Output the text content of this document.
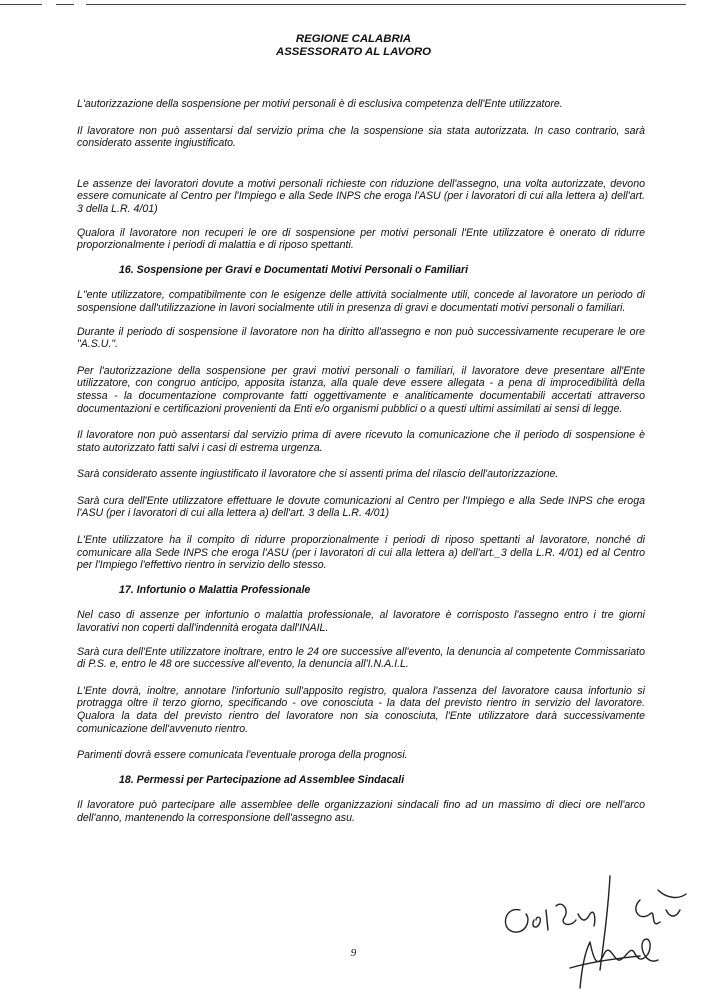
REGIONE CALABRIA
ASSESSORATO AL LAVORO

L'autorizzazione della sospensione per motivi personali è di esclusiva competenza dell'Ente utilizzatore.

Il lavoratore non può assentarsi dal servizio prima che la sospensione sia stata autorizzata. In caso contrario, sarà considerato assente ingiustificato.

Le assenze dei lavoratori dovute a motivi personali richieste con riduzione dell'assegno, una volta autorizzate, devono essere comunicate al Centro per l'Impiego e alla Sede INPS che eroga l'ASU (per i lavoratori di cui alla lettera a) dell'art. 3 della L.R. 4/01)

Qualora il lavoratore non recuperi le ore di sospensione per motivi personali l'Ente utilizzatore è onerato di ridurre proporzionalmente i periodi di malattia e di riposo spettanti.

16. Sospensione per Gravi e Documentati Motivi Personali o Familiari

L"ente utilizzatore, compatibilmente con le esigenze delle attività socialmente utili, concede al lavoratore un periodo di sospensione dall'utilizzazione in lavori socialmente utili in presenza di gravi e documentati motivi personali o familiari.

Durante il periodo di sospensione il lavoratore non ha diritto all'assegno e non può successivamente recuperare le ore "A.S.U.".

Per l'autorizzazione della sospensione per gravi motivi personali o familiari, il lavoratore deve presentare all'Ente utilizzatore, con congruo anticipo, apposita istanza, alla quale deve essere allegata - a pena di improcedibilità della stessa - la documentazione comprovante fatti oggettivamente e analiticamente documentabili accertati attraverso documentazioni e certificazioni provenienti da Enti e/o organismi pubblici o a questi ultimi assimilati ai sensi di legge.

Il lavoratore non può assentarsi dal servizio prima di avere ricevuto la comunicazione che il periodo di sospensione è stato autorizzato fatti salvi i casi di estrema urgenza.

Sarà considerato assente ingiustificato il lavoratore che si assenti prima del rilascio dell'autorizzazione.

Sarà cura dell'Ente utilizzatore effettuare le dovute comunicazioni al Centro per l'Impiego e alla Sede INPS che eroga l'ASU (per i lavoratori di cui alla lettera a) dell'art. 3 della L.R. 4/01)

L'Ente utilizzatore ha il compito di ridurre proporzionalmente i periodi di riposo spettanti al lavoratore, nonché di comunicare alla Sede INPS che eroga l'ASU (per i lavoratori di cui alla lettera a) dell'art._3 della L.R. 4/01) ed al Centro per l'Impiego l'effettivo rientro in servizio dello stesso.

17. Infortunio o Malattia Professionale

Nel caso di assenze per infortunio o malattia professionale, al lavoratore è corrisposto l'assegno entro i tre giorni lavorativi non coperti dall'indennità erogata dall'INAIL.

Sarà cura dell'Ente utilizzatore inoltrare, entro le 24 ore successive all'evento, la denuncia al competente Commissariato di P.S. e, entro le 48 ore successive all'evento, la denuncia all'I.N.A.I.L.

L'Ente dovrà, inoltre, annotare l'infortunio sull'apposito registro, qualora l'assenza del lavoratore causa infortunio si protragga oltre il terzo giorno, specificando - ove conosciuta - la data del previsto rientro in servizio del lavoratore. Qualora la data del previsto rientro del lavoratore non sia conosciuta, l'Ente utilizzatore darà successivamente comunicazione dell'avvenuto rientro.

Parimenti dovrà essere comunicata l'eventuale proroga della prognosi.

18. Permessi per Partecipazione ad Assemblee Sindacali

Il lavoratore può partecipare alle assemblee delle organizzazioni sindacali fino ad un massimo di dieci ore nell'arco dell'anno, mantenendo la corresponsione dell'assegno asu.

9
